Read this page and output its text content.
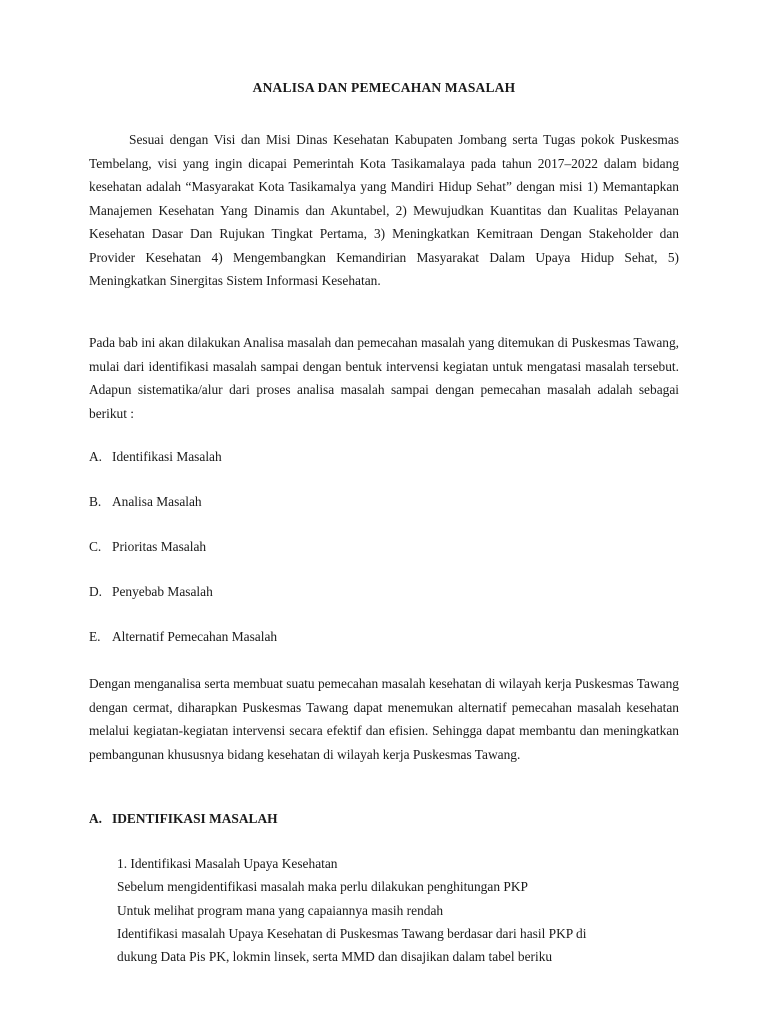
ANALISA DAN PEMECAHAN MASALAH

Sesuai dengan Visi dan Misi Dinas Kesehatan Kabupaten Jombang serta Tugas pokok Puskesmas Tembelang, visi yang ingin dicapai Pemerintah Kota Tasikamalaya pada tahun 2017–2022 dalam bidang kesehatan adalah “Masyarakat Kota Tasikamalya yang Mandiri Hidup Sehat” dengan misi 1) Memantapkan Manajemen Kesehatan Yang Dinamis dan Akuntabel, 2) Mewujudkan Kuantitas dan Kualitas Pelayanan Kesehatan Dasar Dan Rujukan Tingkat Pertama, 3) Meningkatkan Kemitraan Dengan Stakeholder dan Provider Kesehatan 4) Mengembangkan Kemandirian Masyarakat Dalam Upaya Hidup Sehat, 5) Meningkatkan Sinergitas Sistem Informasi Kesehatan.

Pada bab ini akan dilakukan Analisa masalah dan pemecahan masalah yang ditemukan di Puskesmas Tawang, mulai dari identifikasi masalah sampai dengan bentuk intervensi kegiatan untuk mengatasi masalah tersebut. Adapun sistematika/alur dari proses analisa masalah sampai dengan pemecahan masalah adalah sebagai berikut :

A. Identifikasi Masalah
B. Analisa Masalah
C. Prioritas Masalah
D. Penyebab Masalah
E. Alternatif Pemecahan Masalah

Dengan menganalisa serta membuat suatu pemecahan masalah kesehatan di wilayah kerja Puskesmas Tawang dengan cermat, diharapkan Puskesmas Tawang dapat menemukan alternatif pemecahan masalah kesehatan melalui kegiatan-kegiatan intervensi secara efektif dan efisien. Sehingga dapat membantu dan meningkatkan pembangunan khususnya bidang kesehatan di wilayah kerja Puskesmas Tawang.

A. IDENTIFIKASI MASALAH
1. Identifikasi Masalah Upaya Kesehatan
Sebelum mengidentifikasi masalah maka perlu dilakukan penghitungan PKP
Untuk melihat program mana yang capaiannya masih rendah
Identifikasi masalah Upaya Kesehatan di Puskesmas Tawang berdasar dari hasil PKP di
dukung Data Pis PK, lokmin linsek, serta MMD dan disajikan dalam tabel beriku
